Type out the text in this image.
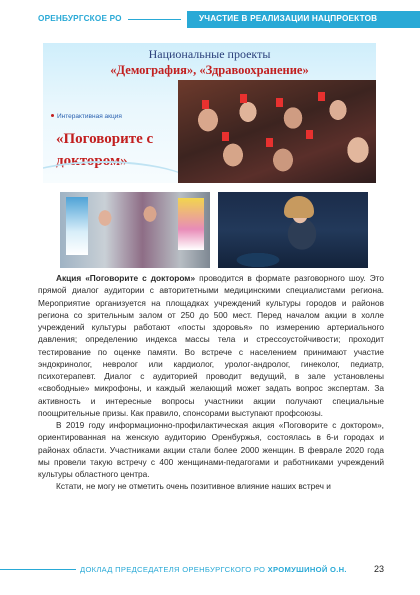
ОРЕНБУРГСКОЕ РО	УЧАСТИЕ В РЕАЛИЗАЦИИ НАЦПРОЕКТОВ
Национальные проекты
«Демография», «Здравоохранение»
Интерактивная акция
«Поговорите с
доктором»

Акция «Поговорите с доктором» проводится в формате разговорного шоу. Это прямой диалог аудитории с авторитетными медицинскими специалистами региона. Мероприятие организуется на площадках учреждений культуры городов и районов региона со зрительным залом от 250 до 500 мест. Перед началом акции в холле учреждений культуры работают «посты здоровья» по измерению артериального давления; определению индекса массы тела и стрессоустойчивости; проходит тестирование по оценке памяти. Во встрече с населением принимают участие эндокринолог, невролог или кардиолог, уролог-андролог, гинеколог, педиатр, психотерапевт. Диалог с аудиторией проводит ведущий, в зале установлены «свободные» микрофоны, и каждый желающий может задать вопрос экспертам. За активность и интересные вопросы участники акции получают специальные поощрительные призы. Как правило, спонсорами выступают профсоюзы.

В 2019 году информационно-профилактическая акция «Поговорите с доктором», ориентированная на женскую аудиторию Оренбуржья, состоялась в 6-и городах и районах области. Участниками акции стали более 2000 женщин. В феврале 2020 года мы провели такую встречу с 400 женщинами-педагогами и работниками учреждений культуры областного центра.

Кстати, не могу не отметить очень позитивное влияние наших встреч и

ДОКЛАД ПРЕДСЕДАТЕЛЯ ОРЕНБУРГСКОГО РО ХРОМУШИНОЙ О.Н.	23
